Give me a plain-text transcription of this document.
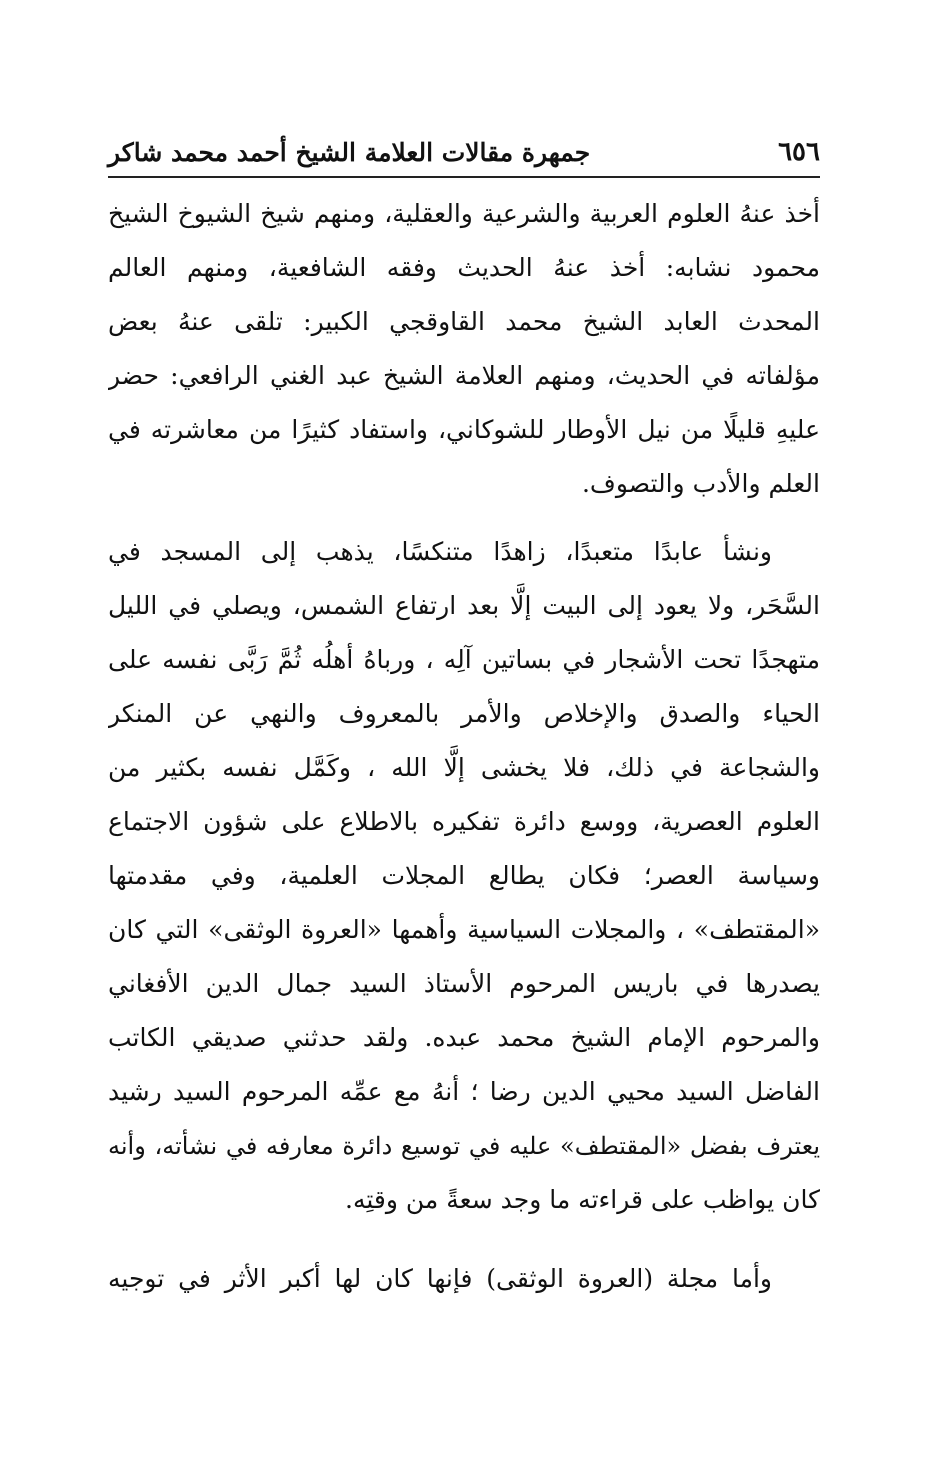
٦٥٦
جمهرة مقالات العلامة الشيخ أحمد محمد شاكر
أخذ عنهُ العلوم العربية والشرعية والعقلية، ومنهم شيخ الشيوخ الشيخ
محمود نشابه: أخذ عنهُ الحديث وفقه الشافعية، ومنهم العالم
المحدث العابد الشيخ محمد القاوقجي الكبير: تلقى عنهُ بعض
مؤلفاته في الحديث، ومنهم العلامة الشيخ عبد الغني الرافعي: حضر
عليهِ قليلًا من نيل الأوطار للشوكاني، واستفاد كثيرًا من معاشرته في
العلم والأدب والتصوف.
ونشأ عابدًا متعبدًا، زاهدًا متنكسًا، يذهب إلى المسجد في
السَّحَر، ولا يعود إلى البيت إلَّا بعد ارتفاع الشمس، ويصلي في الليل
متهجدًا تحت الأشجار في بساتين آلِه ، ورباهُ أهلُه ثُمَّ رَبَّى نفسه على
الحياء والصدق والإخلاص والأمر بالمعروف والنهي عن المنكر
والشجاعة في ذلك، فلا يخشى إلَّا الله ، وكَمَّل نفسه بكثير من
العلوم العصرية، ووسع دائرة تفكيره بالاطلاع على شؤون الاجتماع
وسياسة العصر؛ فكان يطالع المجلات العلمية، وفي مقدمتها
«المقتطف» ، والمجلات السياسية وأهمها «العروة الوثقى» التي كان
يصدرها في باريس المرحوم الأستاذ السيد جمال الدين الأفغاني
والمرحوم الإمام الشيخ محمد عبده. ولقد حدثني صديقي الكاتب
الفاضل السيد محيي الدين رضا ؛ أنهُ مع عمِّه المرحوم السيد رشيد
يعترف بفضل «المقتطف» عليه في توسيع دائرة معارفه في نشأته، وأنه
كان يواظب على قراءته ما وجد سعةً من وقتِه.
وأما مجلة (العروة الوثقى) فإنها كان لها أكبر الأثر في توجيه
